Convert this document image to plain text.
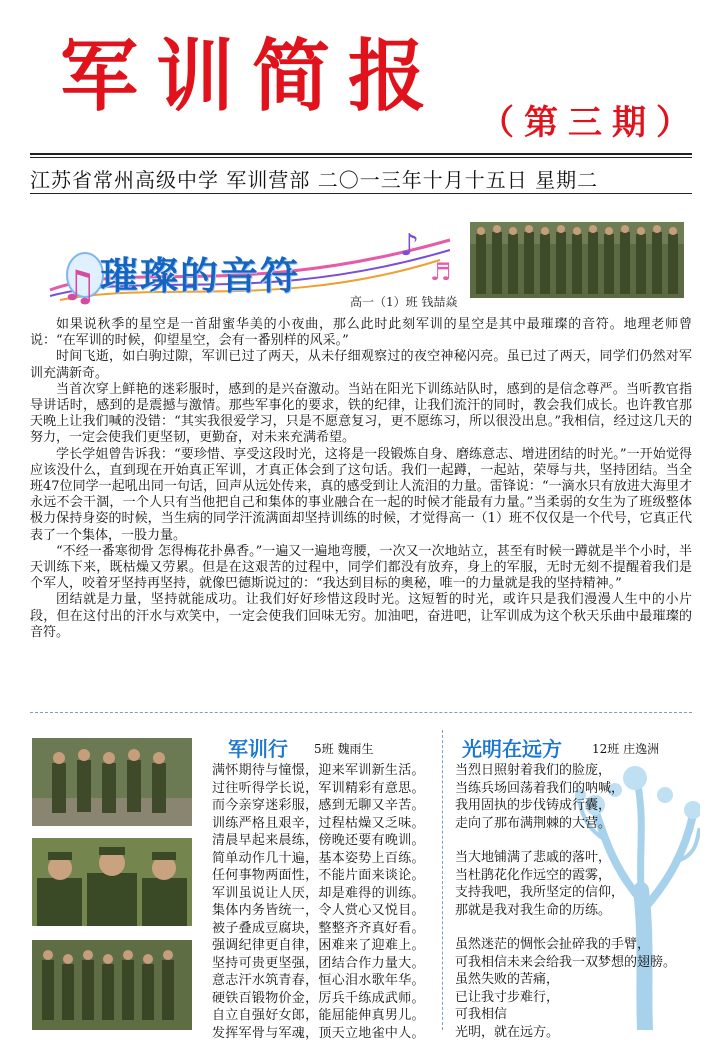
军训简报
（第三期）
江苏省常州高级中学 军训营部 二〇一三年十月十五日 星期二
♫
♪
♬
璀璨的音符
高一（1）班 钱喆焱

如果说秋季的星空是一首甜蜜华美的小夜曲，那么此时此刻军训的星空是其中最璀璨的音符。地理老师曾说：“在军训的时候，仰望星空，会有一番别样的风采。”

时间飞逝，如白驹过隙，军训已过了两天，从未仔细观察过的夜空神秘闪亮。虽已过了两天，同学们仍然对军训充满新奇。

当首次穿上鲜艳的迷彩服时，感到的是兴奋激动。当站在阳光下训练站队时，感到的是信念尊严。当听教官指导讲话时，感到的是震撼与激情。那些军事化的要求，铁的纪律，让我们流汗的同时，教会我们成长。也许教官那天晚上让我们喊的没错：“其实我很爱学习，只是不愿意复习，更不愿练习，所以很没出息。”我相信，经过这几天的努力，一定会使我们更坚韧，更勤奋，对未来充满希望。

学长学姐曾告诉我：“要珍惜、享受这段时光，这将是一段锻炼自身、磨练意志、增进团结的时光。”一开始觉得应该没什么，直到现在开始真正军训，才真正体会到了这句话。我们一起蹲，一起站，荣辱与共，坚持团结。当全班47位同学一起吼出同一句话，回声从远处传来，真的感受到让人流泪的力量。雷锋说：“一滴水只有放进大海里才永远不会干涸，一个人只有当他把自己和集体的事业融合在一起的时候才能最有力量。”当柔弱的女生为了班级整体极力保持身姿的时候，当生病的同学汗流满面却坚持训练的时候，才觉得高一（1）班不仅仅是一个代号，它真正代表了一个集体，一股力量。

“不经一番寒彻骨 怎得梅花扑鼻香。”一遍又一遍地弯腰，一次又一次地站立，甚至有时候一蹲就是半个小时，半天训练下来，既枯燥又劳累。但是在这艰苦的过程中，同学们都没有放弃，身上的军服，无时无刻不提醒着我们是个军人，咬着牙坚持再坚持，就像巴德斯说过的：“我达到目标的奥秘，唯一的力量就是我的坚持精神。”

团结就是力量，坚持就能成功。让我们好好珍惜这段时光。这短暂的时光，或许只是我们漫漫人生中的小片段，但在这付出的汗水与欢笑中，一定会使我们回味无穷。加油吧，奋进吧，让军训成为这个秋天乐曲中最璀璨的音符。

军训行 5班 魏雨生
满怀期待与憧憬，迎来军训新生活。
过往听得学长说，军训精彩有意思。
而今亲穿迷彩服，感到无聊又辛苦。
训练严格且艰辛，过程枯燥又乏味。
清晨早起来晨练，傍晚还要有晚训。
简单动作几十遍，基本姿势上百练。
任何事物两面性，不能片面来谈论。
军训虽说让人厌，却是难得的训练。
集体内务皆统一，令人赏心又悦目。
被子叠成豆腐块，整整齐齐真好看。
强调纪律更自律，困难来了迎难上。
坚持可贵更坚强，团结合作力量大。
意志汗水筑青春，恒心泪水歌年华。
硬铁百锻物价金，厉兵千练成武师。
自立自强好女郎，能屈能伸真男儿。
发挥军骨与军魂，顶天立地雀中人。
光明在远方	12班 庄逸洲
当烈日照射着我们的脸庞，
当练兵场回荡着我们的呐喊，
我用固执的步伐铸成行囊，
走向了那布满荆棘的大营。
当大地铺满了悲戚的落叶，
当杜鹃花化作远空的霞雾，
支持我吧，我所坚定的信仰，
那就是我对我生命的历练。
虽然迷茫的惆怅会扯碎我的手臂，
可我相信未来会给我一双梦想的翅膀。
虽然失败的苦痛，
已让我寸步难行，
可我相信
光明，就在远方。
